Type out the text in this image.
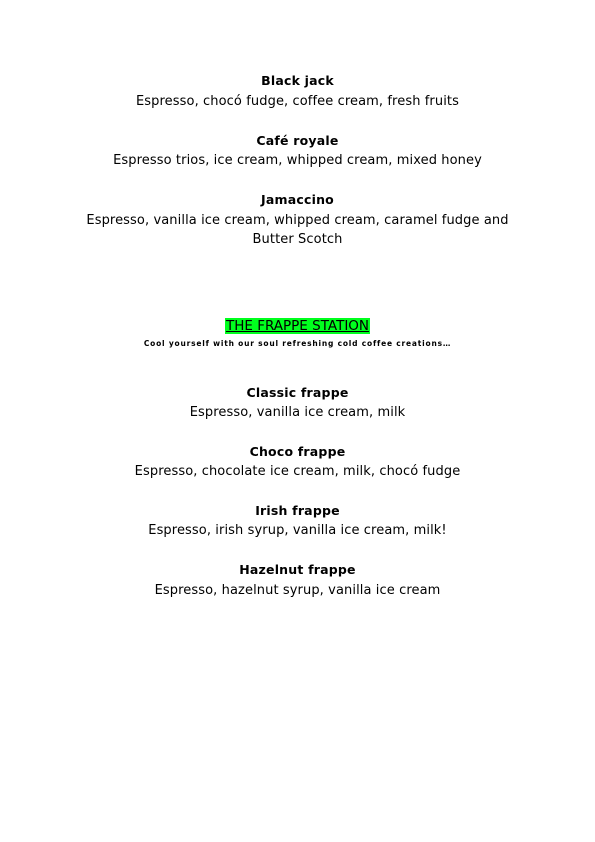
Black jack
Espresso, chocó fudge, coffee cream, fresh fruits
Café royale
Espresso trios, ice cream, whipped cream, mixed honey
Jamaccino
Espresso, vanilla ice cream, whipped cream, caramel fudge and
Butter Scotch
THE FRAPPE STATION
Cool yourself with our soul refreshing cold coffee creations…
Classic frappe
Espresso, vanilla ice cream, milk
Choco frappe
Espresso, chocolate ice cream, milk, chocó fudge
Irish frappe
Espresso, irish syrup, vanilla ice cream, milk!
Hazelnut frappe
Espresso, hazelnut syrup, vanilla ice cream
